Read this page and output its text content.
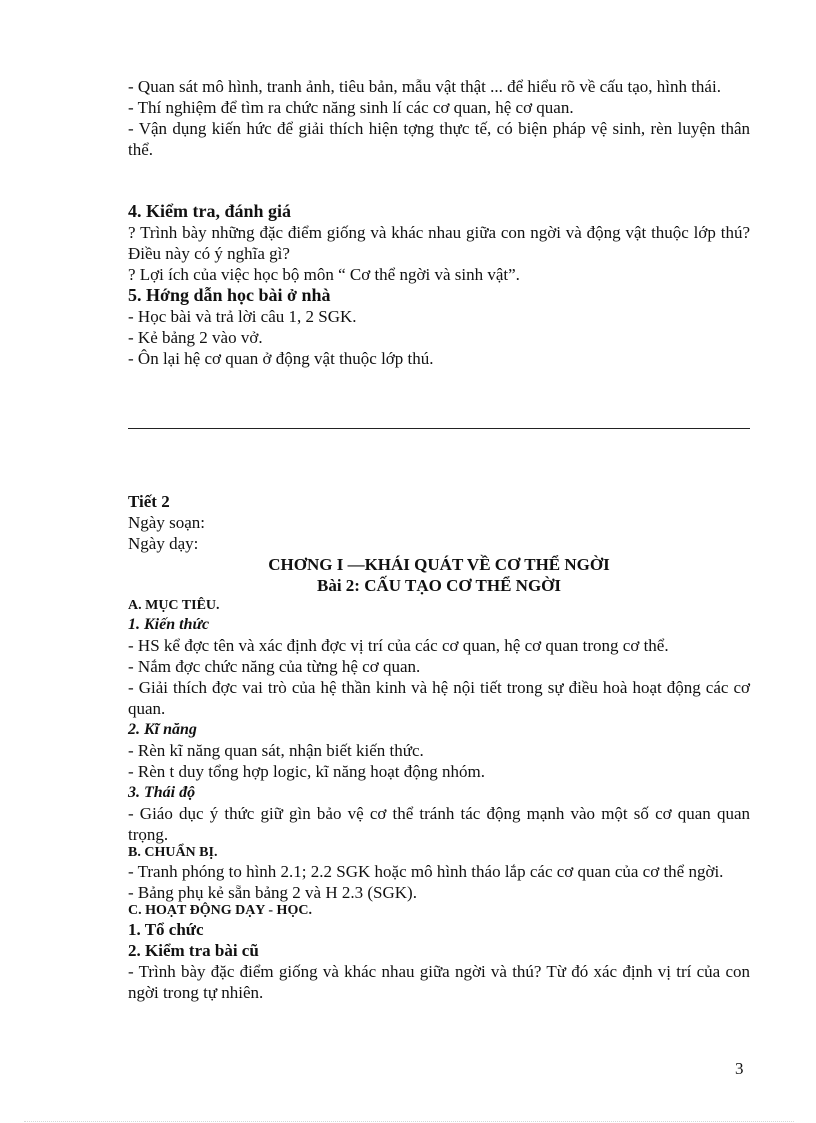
- Quan sát mô hình, tranh ảnh, tiêu bản, mẫu vật thật ... để hiểu rõ về cấu tạo, hình thái.

- Thí nghiệm để tìm ra chức năng sinh lí các cơ quan, hệ cơ quan.

- Vận dụng kiến hức để giải thích hiện tợng thực tế, có biện pháp vệ sinh, rèn luyện thân thể.

4. Kiểm tra, đánh giá

? Trình bày những đặc điểm giống và khác nhau giữa con ngời và động vật thuộc lớp thú? Điều này có ý nghĩa gì?

? Lợi ích của việc học bộ môn “ Cơ thể ngời và sinh vật”.

5. Hớng dẫn học bài ở nhà

- Học bài và trả lời câu 1, 2 SGK.

- Kẻ bảng 2 vào vở.

- Ôn lại hệ cơ quan ở động vật thuộc lớp thú.

Tiết 2

Ngày soạn:

Ngày dạy:

CHƠNG I —KHÁI QUÁT VỀ CƠ THỂ NGỜI

Bài 2: CẤU TẠO CƠ THỂ NGỜI

A. MỤC TIÊU.

1. Kiến thức

- HS kể đợc tên và xác định đợc vị trí của các cơ quan, hệ cơ quan trong cơ thể.

- Nắm đợc chức năng của từng hệ cơ quan.

- Giải thích đợc vai trò của hệ thần kinh và hệ nội tiết trong sự điều hoà hoạt động các cơ quan.

2. Kĩ năng

- Rèn kĩ năng quan sát, nhận biết kiến thức.

- Rèn t duy tổng hợp logic, kĩ năng hoạt động nhóm.

3. Thái độ

- Giáo dục ý thức giữ gìn bảo vệ cơ thể tránh tác động mạnh vào một số cơ quan quan trọng.

B. CHUẨN BỊ.

- Tranh phóng to hình 2.1; 2.2 SGK hoặc mô hình tháo lắp các cơ quan của cơ thể ngời.

- Bảng phụ kẻ sẵn bảng 2 và H 2.3 (SGK).

C. HOẠT ĐỘNG DẠY - HỌC.

1. Tổ chức

2. Kiểm tra bài cũ

- Trình bày đặc điểm giống và khác nhau giữa ngời và thú? Từ đó xác định vị trí của con ngời trong tự nhiên.

3
